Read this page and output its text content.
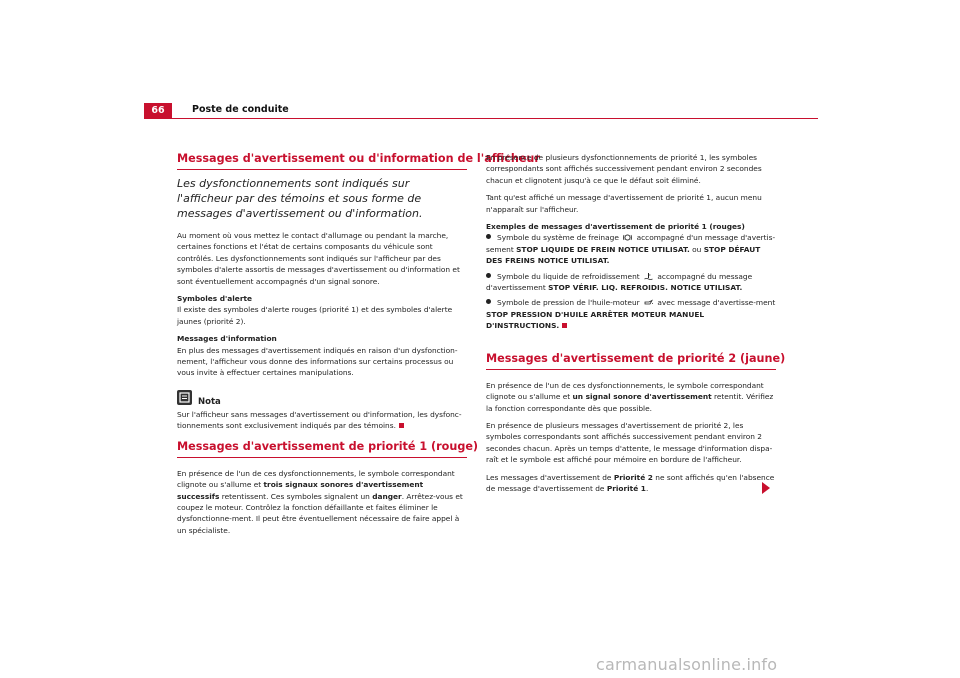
66	Poste de conduite
Messages d'avertissement ou d'information de l'afficheur
Les dysfonctionnements sont indiqués sur l'afficheur par des témoins et sous forme de messages d'avertissement ou d'information.

Au moment où vous mettez le contact d'allumage ou pendant la marche, certaines fonctions et l'état de certains composants du véhicule sont contrôlés. Les dysfonctionnements sont indiqués sur l'afficheur par des symboles d'alerte assortis de messages d'avertissement ou d'information et sont éventuellement accompagnés d'un signal sonore.

Symboles d'alerte

Il existe des symboles d'alerte rouges (priorité 1) et des symboles d'alerte jaunes (priorité 2).

Messages d'information

En plus des messages d'avertissement indiqués en raison d'un dysfonction-nement, l'afficheur vous donne des informations sur certains processus ou vous invite à effectuer certaines manipulations.

Nota

Sur l'afficheur sans messages d'avertissement ou d'information, les dysfonc-tionnements sont exclusivement indiqués par des témoins.

Messages d'avertissement de priorité 1 (rouge)

En présence de l'un de ces dysfonctionnements, le symbole correspondant clignote ou s'allume et trois signaux sonores d'avertissement successifs retentissent. Ces symboles signalent un danger. Arrêtez-vous et coupez le moteur. Contrôlez la fonction défaillante et faites éliminer le dysfonctionne-ment. Il peut être éventuellement nécessaire de faire appel à un spécialiste.

En présence de plusieurs dysfonctionnements de priorité 1, les symboles correspondants sont affichés successivement pendant environ 2 secondes chacun et clignotent jusqu'à ce que le défaut soit éliminé.

Tant qu'est affiché un message d'avertissement de priorité 1, aucun menu n'apparaît sur l'afficheur.

Exemples de messages d'avertissement de priorité 1 (rouges)
Symbole du système de freinage  accompagné d'un message d'avertis-sement STOP LIQUIDE DE FREIN NOTICE UTILISAT. ou STOP DÉFAUT DES FREINS NOTICE UTILISAT.
Symbole du liquide de refroidissement  accompagné du message d'avertissement STOP VÉRIF. LIQ. REFROIDIS. NOTICE UTILISAT.
Symbole de pression de l'huile-moteur  avec message d'avertisse-ment STOP PRESSION D'HUILE ARRÊTER MOTEUR MANUEL D'INSTRUCTIONS.
Messages d'avertissement de priorité 2 (jaune)

En présence de l'un de ces dysfonctionnements, le symbole correspondant clignote ou s'allume et un signal sonore d'avertissement retentit. Vérifiez la fonction correspondante dès que possible.

En présence de plusieurs messages d'avertissement de priorité 2, les symboles correspondants sont affichés successivement pendant environ 2 secondes chacun. Après un temps d'attente, le message d'information dispa-raît et le symbole est affiché pour mémoire en bordure de l'afficheur.

Les messages d'avertissement de Priorité 2 ne sont affichés qu'en l'absence de message d'avertissement de Priorité 1.

carmanualsonline.info
